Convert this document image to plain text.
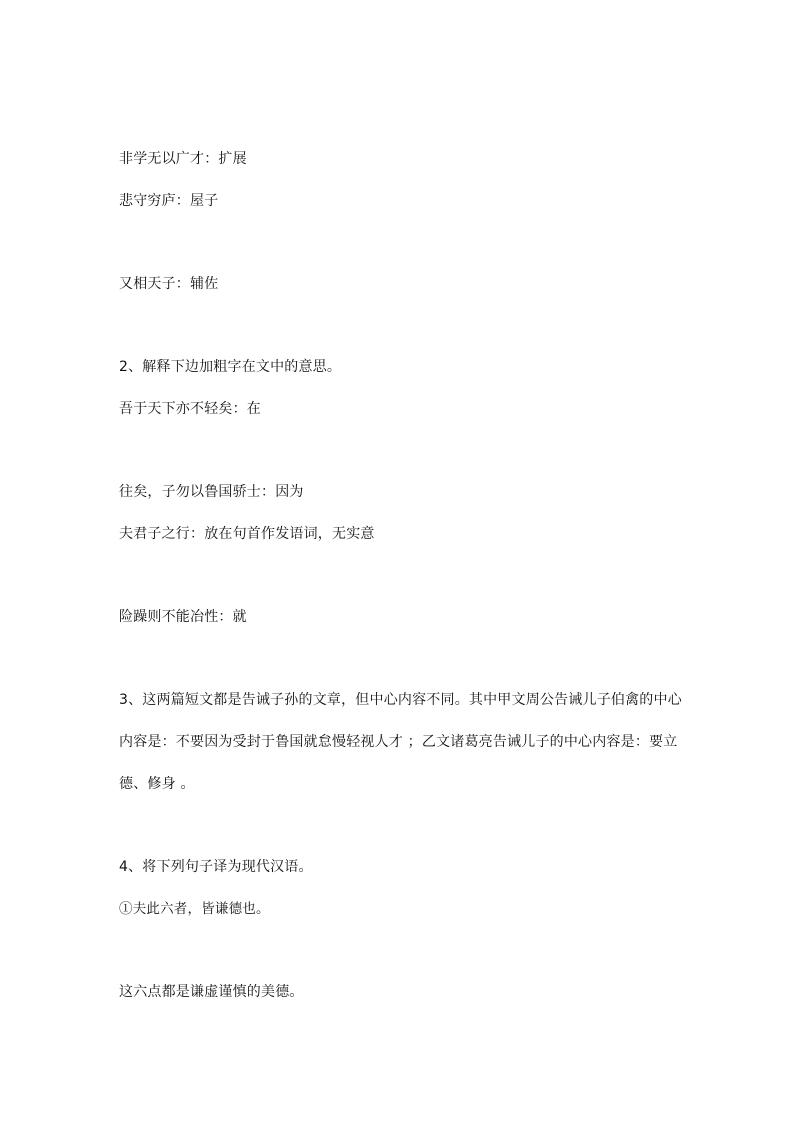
非学无以广才：扩展
悲守穷庐：屋子
又相天子：辅佐
2、解释下边加粗字在文中的意思。
吾于天下亦不轻矣：在
往矣，子勿以鲁国骄士：因为
夫君子之行：放在句首作发语词，无实意
险躁则不能冶性：就
3、这两篇短文都是告诫子孙的文章，但中心内容不同。其中甲文周公告诫儿子伯禽的中心
内容是：不要因为受封于鲁国就怠慢轻视人才 ；乙文诸葛亮告诫儿子的中心内容是：要立
德、修身 。
4、将下列句子译为现代汉语。
①夫此六者，皆谦德也。
这六点都是谦虚谨慎的美德。
